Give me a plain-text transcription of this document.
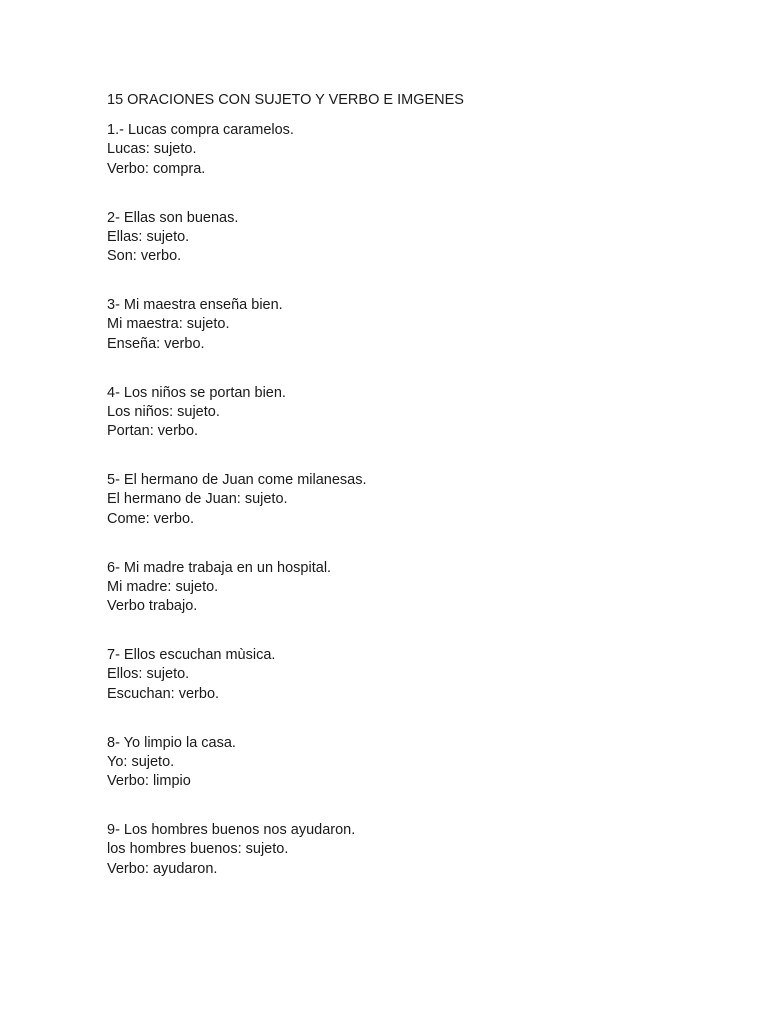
15 ORACIONES CON SUJETO Y VERBO E IMGENES
1.- Lucas compra caramelos.
Lucas: sujeto.
Verbo: compra.
2- Ellas son buenas.
Ellas: sujeto.
Son: verbo.
3- Mi maestra enseña bien.
Mi maestra: sujeto.
Enseña: verbo.
4- Los niños se portan bien.
Los niños: sujeto.
Portan: verbo.
5- El hermano de Juan come milanesas.
El hermano de Juan: sujeto.
Come: verbo.
6- Mi madre trabaja en un hospital.
Mi madre: sujeto.
Verbo trabajo.
7- Ellos escuchan mùsica.
Ellos: sujeto.
Escuchan: verbo.
8- Yo limpio la casa.
Yo: sujeto.
Verbo: limpio
9- Los hombres buenos nos ayudaron.
los hombres buenos: sujeto.
Verbo: ayudaron.
